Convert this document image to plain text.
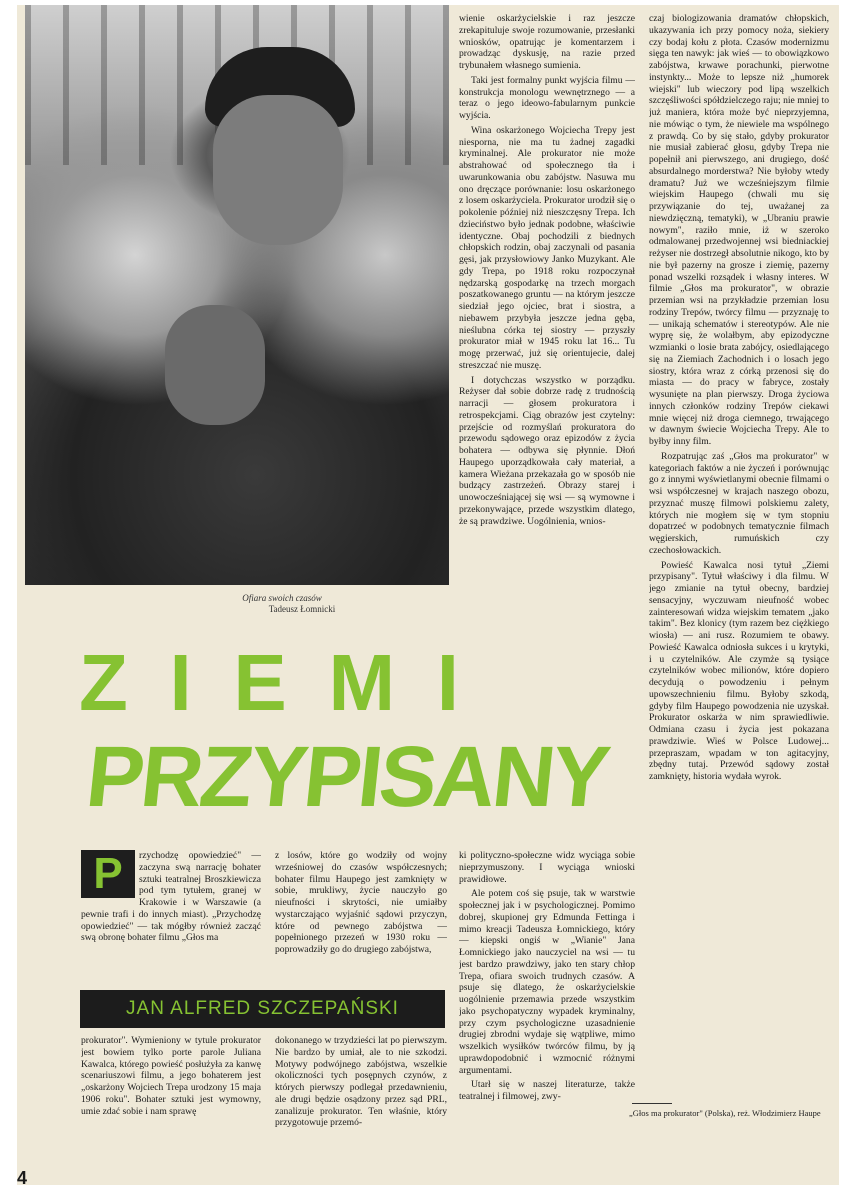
Ofiara swoich czasów
Tadeusz Łomnicki

wienie oskarżycielskie i raz jeszcze zrekapituluje swoje rozumowanie, przesłanki wniosków, opatrując je komentarzem i prowadząc dyskusję, na razie przed trybunałem własnego sumienia.

Taki jest formalny punkt wyjścia filmu — konstrukcja monologu wewnętrznego — a teraz o jego ideowo-fabularnym punkcie wyjścia.

Wina oskarżonego Wojciecha Trepy jest niesporna, nie ma tu żadnej zagadki kryminalnej. Ale prokurator nie może abstrahować od społecznego tła i uwarunkowania obu zabójstw. Nasuwa mu ono dręczące porównanie: losu oskarżonego z losem oskarżyciela. Prokurator urodził się o pokolenie później niż nieszczęsny Trepa. Ich dzieciństwo było jednak podobne, właściwie identyczne. Obaj pochodzili z biednych chłopskich rodzin, obaj zaczynali od pasania gęsi, jak przysłowiowy Janko Muzykant. Ale gdy Trepa, po 1918 roku rozpoczynał nędzarską gospodarkę na trzech morgach poszatkowanego gruntu — na którym jeszcze siedział jego ojciec, brat i siostra, a niebawem przybyła jeszcze jedna gęba, nieślubna córka tej siostry — przyszły prokurator miał w 1945 roku lat 16... Tu mogę przerwać, już się orientujecie, dalej streszczać nie muszę.

I dotychczas wszystko w porządku. Reżyser dał sobie dobrze radę z trudnością narracji — głosem prokuratora i retrospekcjami. Ciąg obrazów jest czytelny: przejście od rozmyślań prokuratora do przewodu sądowego oraz epizodów z życia bohatera — odbywa się płynnie. Dłoń Haupego uporządkowała cały materiał, a kamera Wieżana przekazała go w sposób nie budzący zastrzeżeń. Obrazy starej i unowocześniającej się wsi — są wymowne i przekonywające, przede wszystkim dlatego, że są prawdziwe. Uogólnienia, wnios-

czaj biologizowania dramatów chłopskich, ukazywania ich przy pomocy noża, siekiery czy bodaj kołu z płota. Czasów modernizmu sięga ten nawyk: jak wieś — to obowiązkowo zabójstwa, krwawe porachunki, pierwotne instynkty... Może to lepsze niż „humorek wiejski" lub wieczory pod lipą wszelkich szczęśliwości spółdzielczego raju; nie mniej to już maniera, która może być nieprzyjemna, nie mówiąc o tym, że niewiele ma wspólnego z prawdą. Co by się stało, gdyby prokurator nie musiał zabierać głosu, gdyby Trepa nie popełnił ani pierwszego, ani drugiego, dość absurdalnego morderstwa? Nie byłoby wtedy dramatu? Już we wcześniejszym filmie wiejskim Haupego (chwali mu się przywiązanie do tej, uważanej za niewdzięczną, tematyki), w „Ubraniu prawie nowym", raziło mnie, iż w szeroko odmalowanej przedwojennej wsi biedniackiej reżyser nie dostrzegł absolutnie nikogo, kto by nie był pazerny na grosze i ziemię, pazerny ponad wszelki rozsądek i własny interes. W filmie „Głos ma prokurator", w obrazie przemian wsi na przykładzie przemian losu rodziny Trepów, twórcy filmu — przyznaję to — unikają schematów i stereotypów. Ale nie wyprę się, że wolałbym, aby epizodyczne wzmianki o losie brata zabójcy, osiedlającego się na Ziemiach Zachodnich i o losach jego siostry, która wraz z córką przenosi się do miasta — do pracy w fabryce, zostały wysunięte na plan pierwszy. Droga życiowa innych członków rodziny Trepów ciekawi mnie więcej niż droga ciemnego, trwającego w dawnym świecie Wojciecha Trepy. Ale to byłby inny film.

Rozpatrując zaś „Głos ma prokurator" w kategoriach faktów a nie życzeń i porównując go z innymi wyświetlanymi obecnie filmami o wsi współczesnej w krajach naszego obozu, przyznać muszę filmowi polskiemu zalety, których nie mogłem się w tym stopniu dopatrzeć w podobnych tematycznie filmach węgierskich, rumuńskich czy czechosłowackich.

Powieść Kawalca nosi tytuł „Ziemi przypisany". Tytuł właściwy i dla filmu. W jego zmianie na tytuł obecny, bardziej sensacyjny, wyczuwam nieufność wobec zainteresowań widza wiejskim tematem „jako takim". Bez klonicy (tym razem bez ciężkiego wiosła) — ani rusz. Rozumiem te obawy. Powieść Kawalca odniosła sukces i u krytyki, i u czytelników. Ale czymże są tysiące czytelników wobec milionów, które dopiero decydują o powodzeniu i pełnym upowszechnieniu filmu. Byłoby szkodą, gdyby film Haupego powodzenia nie uzyskał. Prokurator oskarża w nim sprawiedliwie. Odmiana czasu i życia jest pokazana prawdziwie. Wieś w Polsce Ludowej... przepraszam, wpadam w ton agitacyjny, zbędny tutaj. Przewód sądowy został zamknięty, historia wydała wyrok.

Z I E M I
PRZYPISANY
P	rzychodzę opowiedzieć" — zaczyna swą narrację bohater sztuki teatralnej Broszkiewicza pod tym tytułem, granej w Krakowie i w Warszawie (a pewnie trafi i do innych miast). „Przychodzę opowiedzieć" — tak mógłby również zacząć swą obronę bohater filmu „Głos ma
z losów, które go wodziły od wojny wrześniowej do czasów współczesnych; bohater filmu Haupego jest zamknięty w sobie, mrukliwy, życie nauczyło go nieufności i skrytości, nie umiałby wystarczająco wyjaśnić sądowi przyczyn, które od pewnego zabójstwa — popełnionego przezeń w 1930 roku — poprowadziły go do drugiego zabójstwa,
JAN ALFRED SZCZEPAŃSKI
prokurator". Wymieniony w tytule prokurator jest bowiem tylko porte parole Juliana Kawalca, którego powieść posłużyła za kanwę scenariuszowi filmu, a jego bohaterem jest „oskarżony Wojciech Trepa urodzony 15 maja 1906 roku". Bohater sztuki jest wymowny, umie zdać sobie i nam sprawę
dokonanego w trzydzieści lat po pierwszym. Nie bardzo by umiał, ale to nie szkodzi. Motywy podwójnego zabójstwa, wszelkie okoliczności tych posępnych czynów, z których pierwszy podlegał przedawnieniu, ale drugi będzie osądzony przez sąd PRL, zanalizuje prokurator. Ten właśnie, który przygotowuje przemó-

ki polityczno-społeczne widz wyciąga sobie nieprzymuszony. I wyciąga wnioski prawidłowe.

Ale potem coś się psuje, tak w warstwie społecznej jak i w psychologicznej. Pomimo dobrej, skupionej gry Edmunda Fettinga i mimo kreacji Tadeusza Łomnickiego, który — kiepski ongiś w „Wianie" Jana Łomnickiego jako nauczyciel na wsi — tu jest bardzo prawdziwy, jako ten stary chłop Trepa, ofiara swoich trudnych czasów. A psuje się dlatego, że oskarżycielskie uogólnienie przemawia przede wszystkim jako psychopatyczny wypadek kryminalny, przy czym psychologiczne uzasadnienie drugiej zbrodni wydaje się wątpliwe, mimo wszelkich wysiłków twórców filmu, by ją uprawdopodobnić i wzmocnić różnymi argumentami.

Utarł się w naszej literaturze, także teatralnej i filmowej, zwy-

„Głos ma prokurator" (Polska), reż. Włodzimierz Haupe
4
